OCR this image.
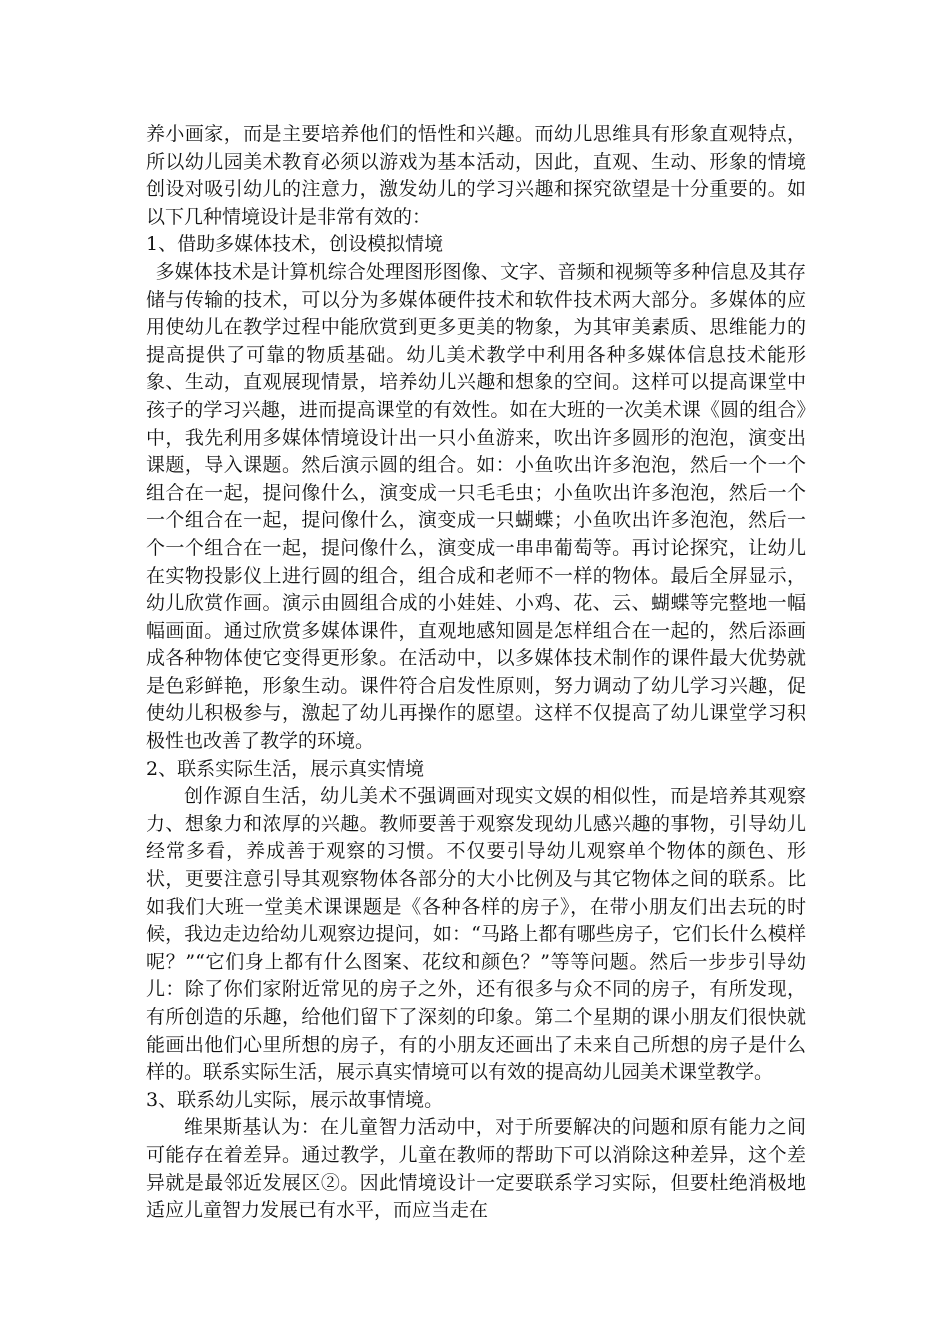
养小画家，而是主要培养他们的悟性和兴趣。而幼儿思维具有形象直观特点，所以幼儿园美术教育必须以游戏为基本活动，因此，直观、生动、形象的情境创设对吸引幼儿的注意力，激发幼儿的学习兴趣和探究欲望是十分重要的。如以下几种情境设计是非常有效的：

1、借助多媒体技术，创设模拟情境

多媒体技术是计算机综合处理图形图像、文字、音频和视频等多种信息及其存储与传输的技术，可以分为多媒体硬件技术和软件技术两大部分。多媒体的应用使幼儿在教学过程中能欣赏到更多更美的物象，为其审美素质、思维能力的提高提供了可靠的物质基础。幼儿美术教学中利用各种多媒体信息技术能形象、生动，直观展现情景，培养幼儿兴趣和想象的空间。这样可以提高课堂中孩子的学习兴趣，进而提高课堂的有效性。如在大班的一次美术课《圆的组合》中，我先利用多媒体情境设计出一只小鱼游来，吹出许多圆形的泡泡，演变出课题，导入课题。然后演示圆的组合。如：小鱼吹出许多泡泡，然后一个一个组合在一起，提问像什么，演变成一只毛毛虫；小鱼吹出许多泡泡，然后一个一个组合在一起，提问像什么，演变成一只蝴蝶；小鱼吹出许多泡泡，然后一个一个组合在一起，提问像什么，演变成一串串葡萄等。再讨论探究，让幼儿在实物投影仪上进行圆的组合，组合成和老师不一样的物体。最后全屏显示，幼儿欣赏作画。演示由圆组合成的小娃娃、小鸡、花、云、蝴蝶等完整地一幅幅画面。通过欣赏多媒体课件，直观地感知圆是怎样组合在一起的，然后添画成各种物体使它变得更形象。在活动中，以多媒体技术制作的课件最大优势就是色彩鲜艳，形象生动。课件符合启发性原则，努力调动了幼儿学习兴趣，促使幼儿积极参与，激起了幼儿再操作的愿望。这样不仅提高了幼儿课堂学习积极性也改善了教学的环境。

2、联系实际生活，展示真实情境

创作源自生活，幼儿美术不强调画对现实文娱的相似性，而是培养其观察力、想象力和浓厚的兴趣。教师要善于观察发现幼儿感兴趣的事物，引导幼儿经常多看，养成善于观察的习惯。不仅要引导幼儿观察单个物体的颜色、形状，更要注意引导其观察物体各部分的大小比例及与其它物体之间的联系。比如我们大班一堂美术课课题是《各种各样的房子》，在带小朋友们出去玩的时候，我边走边给幼儿观察边提问，如：“马路上都有哪些房子，它们长什么模样呢？”“它们身上都有什么图案、花纹和颜色？”等等问题。然后一步步引导幼儿：除了你们家附近常见的房子之外，还有很多与众不同的房子，有所发现，有所创造的乐趣，给他们留下了深刻的印象。第二个星期的课小朋友们很快就能画出他们心里所想的房子，有的小朋友还画出了未来自己所想的房子是什么样的。联系实际生活，展示真实情境可以有效的提高幼儿园美术课堂教学。

3、联系幼儿实际，展示故事情境。

维果斯基认为：在儿童智力活动中，对于所要解决的问题和原有能力之间可能存在着差异。通过教学，儿童在教师的帮助下可以消除这种差异，这个差异就是最邻近发展区②。因此情境设计一定要联系学习实际，但要杜绝消极地适应儿童智力发展已有水平，而应当走在
